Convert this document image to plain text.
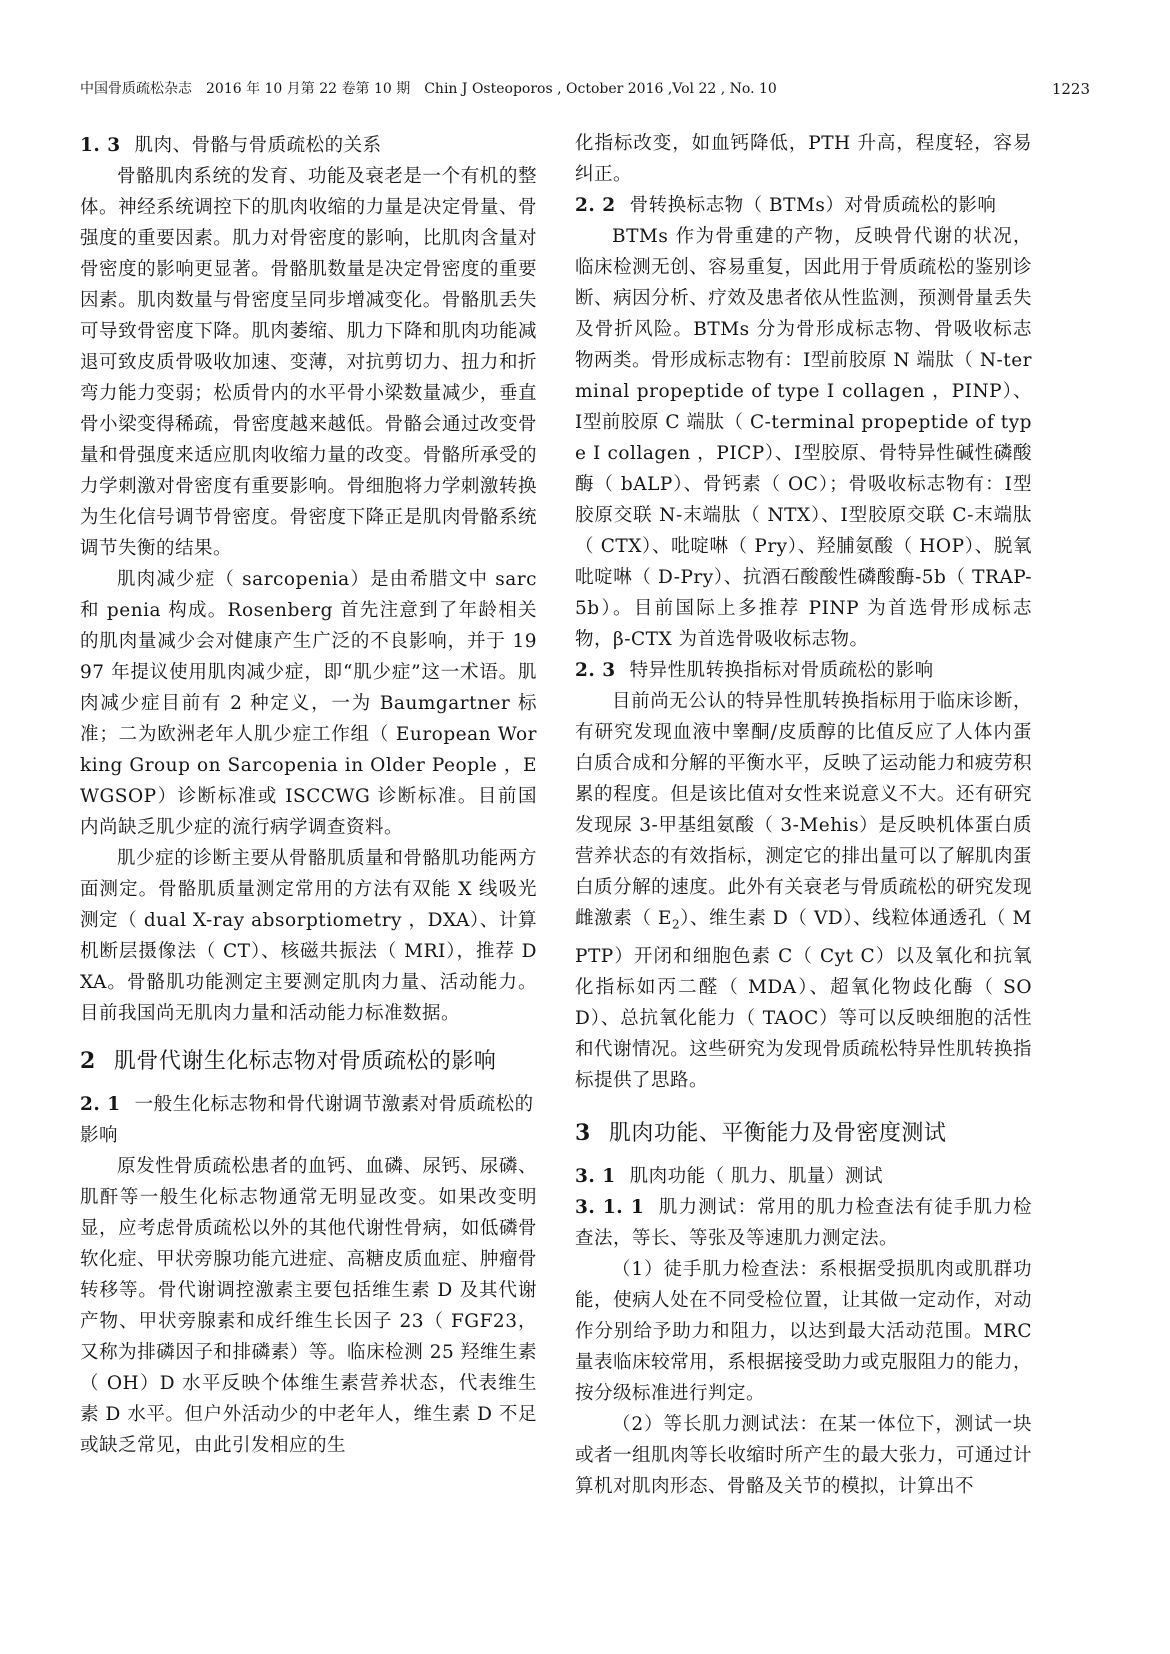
中国骨质疏松杂志　2016 年 10 月第 22 卷第 10 期　Chin J Osteoporos , October 2016 ,Vol 22 , No. 10	1223
1. 3 肌肉、骨骼与骨质疏松的关系

骨骼肌肉系统的发育、功能及衰老是一个有机的整体。神经系统调控下的肌肉收缩的力量是决定骨量、骨强度的重要因素。肌力对骨密度的影响，比肌肉含量对骨密度的影响更显著。骨骼肌数量是决定骨密度的重要因素。肌肉数量与骨密度呈同步增减变化。骨骼肌丢失可导致骨密度下降。肌肉萎缩、肌力下降和肌肉功能减退可致皮质骨吸收加速、变薄，对抗剪切力、扭力和折弯力能力变弱；松质骨内的水平骨小梁数量减少，垂直骨小梁变得稀疏，骨密度越来越低。骨骼会通过改变骨量和骨强度来适应肌肉收缩力量的改变。骨骼所承受的力学刺激对骨密度有重要影响。骨细胞将力学刺激转换为生化信号调节骨密度。骨密度下降正是肌肉骨骼系统调节失衡的结果。

肌肉减少症（ sarcopenia）是由希腊文中 sarc 和 penia 构成。Rosenberg 首先注意到了年龄相关的肌肉量减少会对健康产生广泛的不良影响，并于 1997 年提议使用肌肉减少症，即“肌少症”这一术语。肌肉减少症目前有 2 种定义，一为 Baumgartner 标准；二为欧洲老年人肌少症工作组（ European Working Group on Sarcopenia in Older People ，EWGSOP）诊断标准或 ISCCWG 诊断标准。目前国内尚缺乏肌少症的流行病学调查资料。

肌少症的诊断主要从骨骼肌质量和骨骼肌功能两方面测定。骨骼肌质量测定常用的方法有双能 X 线吸光测定（ dual X-ray absorptiometry ，DXA）、计算机断层摄像法（ CT）、核磁共振法（ MRI），推荐 DXA。骨骼肌功能测定主要测定肌肉力量、活动能力。目前我国尚无肌肉力量和活动能力标准数据。

2 肌骨代谢生化标志物对骨质疏松的影响
2. 1 一般生化标志物和骨代谢调节激素对骨质疏松的影响

原发性骨质疏松患者的血钙、血磷、尿钙、尿磷、肌酐等一般生化标志物通常无明显改变。如果改变明显，应考虑骨质疏松以外的其他代谢性骨病，如低磷骨软化症、甲状旁腺功能亢进症、高糖皮质血症、肿瘤骨转移等。骨代谢调控激素主要包括维生素 D 及其代谢产物、甲状旁腺素和成纤维生长因子 23（ FGF23，又称为排磷因子和排磷素）等。临床检测 25 羟维生素（ OH）D 水平反映个体维生素营养状态，代表维生素 D 水平。但户外活动少的中老年人，维生素 D 不足或缺乏常见，由此引发相应的生

化指标改变，如血钙降低，PTH 升高，程度轻，容易纠正。

2. 2 骨转换标志物（ BTMs）对骨质疏松的影响

BTMs 作为骨重建的产物，反映骨代谢的状况，临床检测无创、容易重复，因此用于骨质疏松的鉴别诊断、病因分析、疗效及患者依从性监测，预测骨量丢失及骨折风险。BTMs 分为骨形成标志物、骨吸收标志物两类。骨形成标志物有：Ⅰ型前胶原 N 端肽（ N-terminal propeptide of type Ⅰ collagen ，PINP）、Ⅰ型前胶原 C 端肽（ C-terminal propeptide of type Ⅰ collagen ，PICP）、Ⅰ型胶原、骨特异性碱性磷酸酶（ bALP）、骨钙素（ OC）；骨吸收标志物有：Ⅰ型胶原交联 N-末端肽（ NTX）、Ⅰ型胶原交联 C-末端肽（ CTX）、吡啶啉（ Pry）、羟脯氨酸（ HOP）、脱氧吡啶啉（ D-Pry）、抗酒石酸酸性磷酸酶-5b（ TRAP-5b）。目前国际上多推荐 PINP 为首选骨形成标志物，β-CTX 为首选骨吸收标志物。

2. 3 特异性肌转换指标对骨质疏松的影响

目前尚无公认的特异性肌转换指标用于临床诊断，有研究发现血液中睾酮/皮质醇的比值反应了人体内蛋白质合成和分解的平衡水平，反映了运动能力和疲劳积累的程度。但是该比值对女性来说意义不大。还有研究发现尿 3-甲基组氨酸（ 3-Mehis）是反映机体蛋白质营养状态的有效指标，测定它的排出量可以了解肌肉蛋白质分解的速度。此外有关衰老与骨质疏松的研究发现雌激素（ $E_2$）、维生素 D（ VD）、线粒体通透孔（ MPTP）开闭和细胞色素 C（ Cyt C）以及氧化和抗氧化指标如丙二醛（ MDA）、超氧化物歧化酶（ SOD）、总抗氧化能力（ TAOC）等可以反映细胞的活性和代谢情况。这些研究为发现骨质疏松特异性肌转换指标提供了思路。

3 肌肉功能、平衡能力及骨密度测试
3. 1 肌肉功能（ 肌力、肌量）测试

3. 1. 1 肌力测试：常用的肌力检查法有徒手肌力检查法，等长、等张及等速肌力测定法。

（1）徒手肌力检查法：系根据受损肌肉或肌群功能，使病人处在不同受检位置，让其做一定动作，对动作分别给予助力和阻力，以达到最大活动范围。MRC 量表临床较常用，系根据接受助力或克服阻力的能力，按分级标准进行判定。

（2）等长肌力测试法：在某一体位下，测试一块或者一组肌肉等长收缩时所产生的最大张力，可通过计算机对肌肉形态、骨骼及关节的模拟，计算出不
